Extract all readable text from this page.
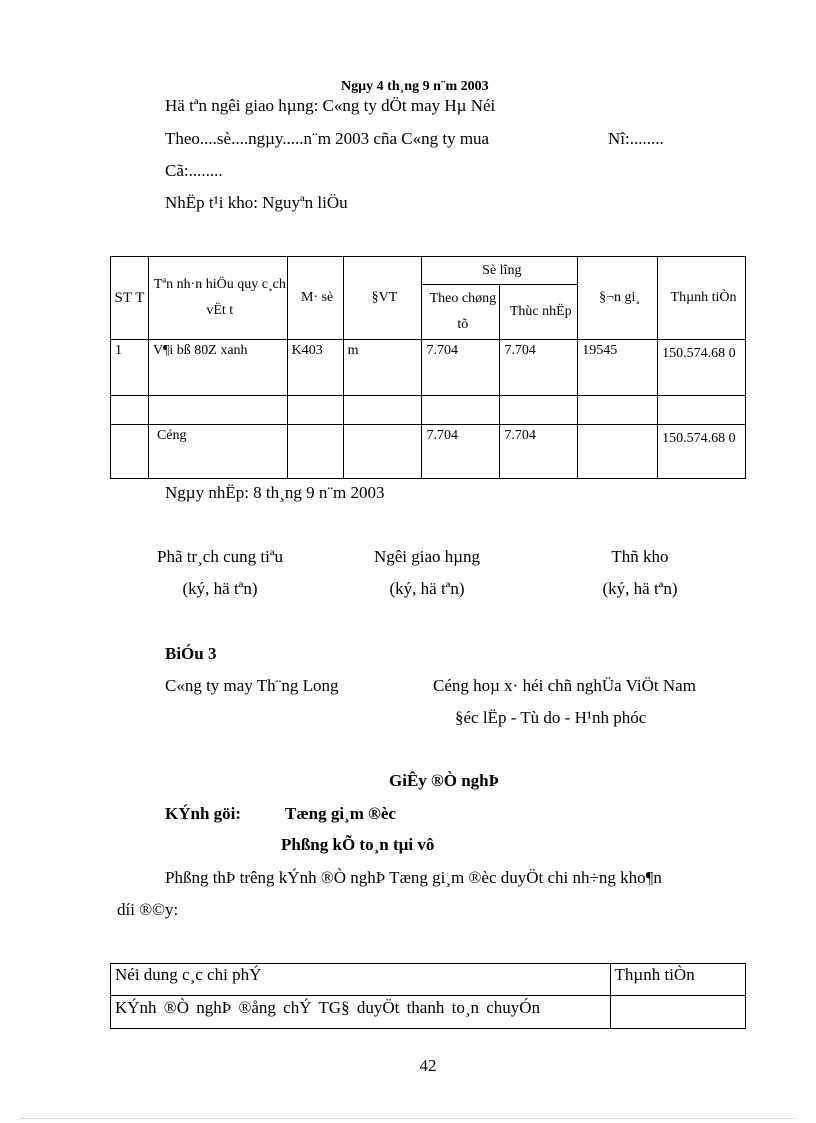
Ngµy 4 th¸ng 9 n¨m 2003
Hä tªn ngêi giao hµng: C«ng ty dÖt may Hµ Néi
Theo....sè....ngµy.....n¨m 2003 cña C«ng ty mua	Nî:........
Cã:........
NhËp t¹i kho: Nguyªn liÖu
ST T	Tªn nh·n hiÖu quy c¸ch vËt t	M· sè	§VT	Sè lîng		§¬n gi¸	Thµnh tiÒn
				Theo chøng tõ	Thùc nhËp		
1	V¶i bß 80Z xanh	K403	m	7.704	7.704	19545	150.574.68 0

	Céng			7.704	7.704		150.574.68 0
Ngµy nhËp: 8 th¸ng 9 n¨m 2003
Phã tr¸ch cung tiªu
(ký, hä tªn)
Ngêi giao hµng
(ký, hä tªn)
Thñ kho
(ký, hä tªn)
BiÓu 3
C«ng ty may Th¨ng Long	Céng hoµ x· héi chñ nghÜa ViÖt Nam
§éc lËp - Tù do - H¹nh phóc
GiÊy ®Ò nghÞ
KÝnh göi:	Tæng gi¸m ®èc
Phßng kÕ to¸n tµi vô
Phßng thÞ trêng kÝnh ®Ò nghÞ Tæng gi¸m ®èc duyÖt chi nh÷ng kho¶n
díi ®©y:
Néi dung c¸c chi phÝ	Thµnh tiÒn
KÝnh ®Ò nghÞ ®ång chÝ TG§ duyÖt thanh to¸n chuyÓn	
42
